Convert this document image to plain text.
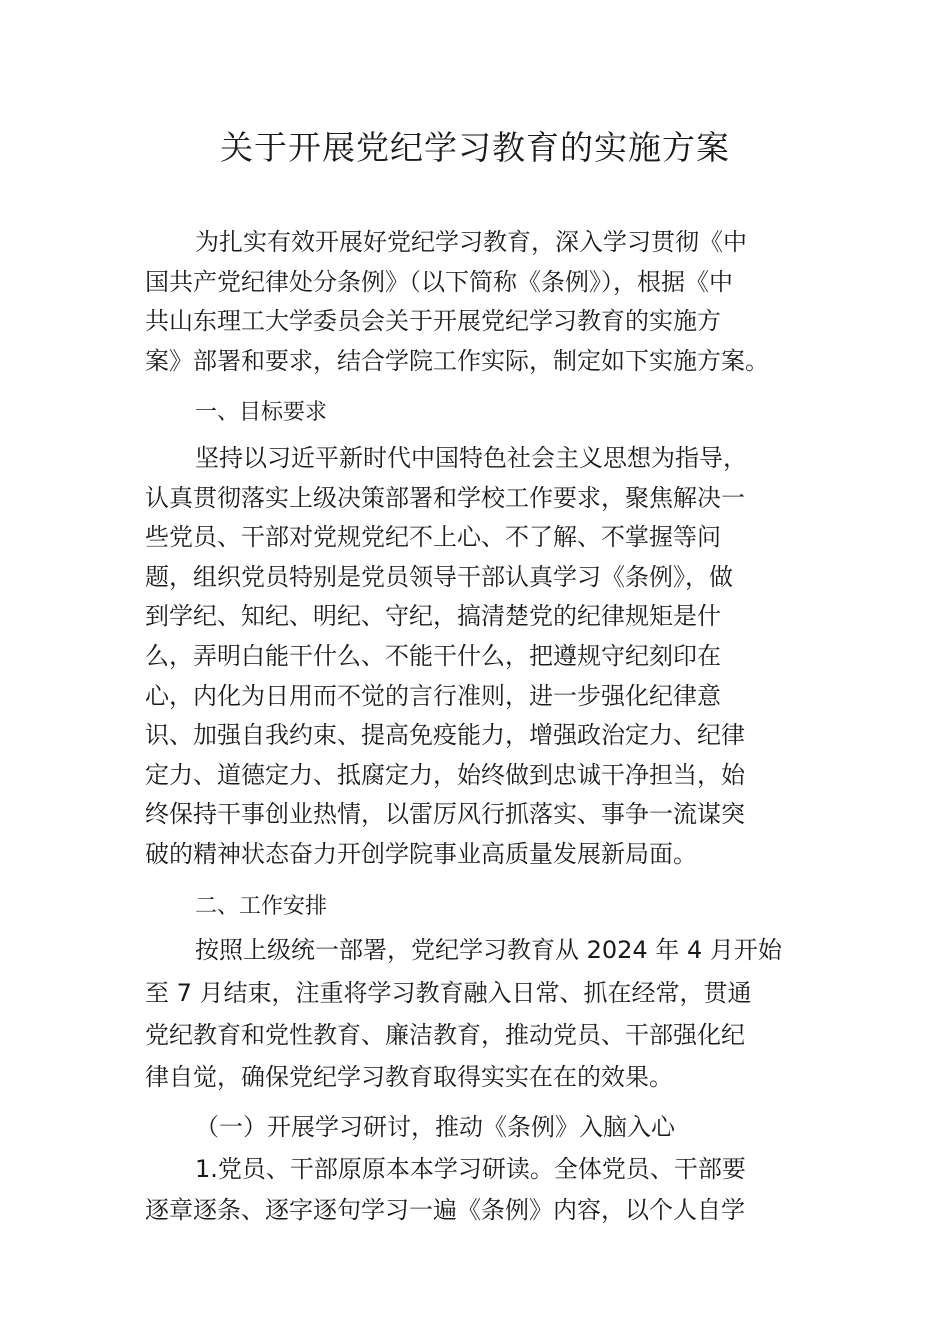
关于开展党纪学习教育的实施方案
为扎实有效开展好党纪学习教育，深入学习贯彻《中
国共产党纪律处分条例》（以下简称《条例》），根据《中
共山东理工大学委员会关于开展党纪学习教育的实施方
案》部署和要求，结合学院工作实际，制定如下实施方案。
一、目标要求
坚持以习近平新时代中国特色社会主义思想为指导，
认真贯彻落实上级决策部署和学校工作要求，聚焦解决一
些党员、干部对党规党纪不上心、不了解、不掌握等问
题，组织党员特别是党员领导干部认真学习《条例》，做
到学纪、知纪、明纪、守纪，搞清楚党的纪律规矩是什
么，弄明白能干什么、不能干什么，把遵规守纪刻印在
心，内化为日用而不觉的言行准则，进一步强化纪律意
识、加强自我约束、提高免疫能力，增强政治定力、纪律
定力、道德定力、抵腐定力，始终做到忠诚干净担当，始
终保持干事创业热情，以雷厉风行抓落实、事争一流谋突
破的精神状态奋力开创学院事业高质量发展新局面。
二、工作安排
按照上级统一部署，党纪学习教育从 2024 年 4 月开始
至 7 月结束，注重将学习教育融入日常、抓在经常，贯通
党纪教育和党性教育、廉洁教育，推动党员、干部强化纪
律自觉，确保党纪学习教育取得实实在在的效果。
（一）开展学习研讨，推动《条例》入脑入心
1.党员、干部原原本本学习研读。全体党员、干部要
逐章逐条、逐字逐句学习一遍《条例》内容，以个人自学
